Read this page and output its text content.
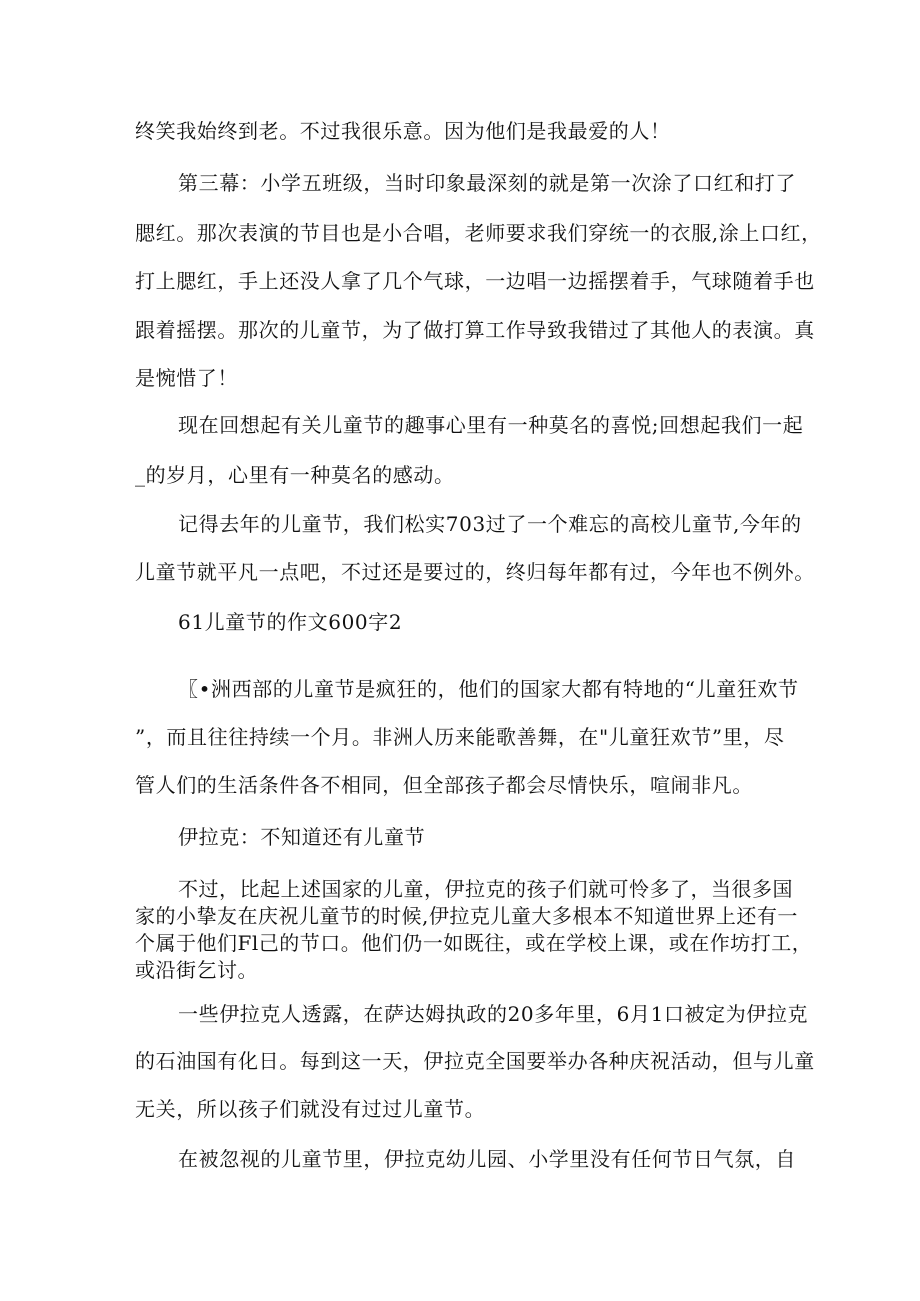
终笑我始终到老。不过我很乐意。因为他们是我最爱的人！

第三幕：小学五班级，当时印象最深刻的就是第一次涂了口红和打了

腮红。那次表演的节目也是小合唱，老师要求我们穿统一的衣服,涂上口红，

打上腮红，手上还没人拿了几个气球，一边唱一边摇摆着手，气球随着手也

跟着摇摆。那次的儿童节，为了做打算工作导致我错过了其他人的表演。真

是惋惜了！

现在回想起有关儿童节的趣事心里有一种莫名的喜悦;回想起我们一起

_的岁月，心里有一种莫名的感动。

记得去年的儿童节，我们松实703过了一个难忘的高校儿童节,今年的

儿童节就平凡一点吧，不过还是要过的，终归每年都有过，今年也不例外。

61儿童节的作文600字2

〖•洲西部的儿童节是疯狂的，他们的国家大都有特地的“儿童狂欢节

”，而且往往持续一个月。非洲人历来能歌善舞，在"儿童狂欢节”里，尽

管人们的生活条件各不相同，但全部孩子都会尽情快乐，喧闹非凡。

伊拉克：不知道还有儿童节

不过，比起上述国家的儿童，伊拉克的孩子们就可怜多了，当很多国

家的小挚友在庆祝儿童节的时候,伊拉克儿童大多根本不知道世界上还有一

个属于他们Fl己的节口。他们仍一如既往，或在学校上课，或在作坊打工，

或沿街乞讨。

一些伊拉克人透露，在萨达姆执政的20多年里，6月1口被定为伊拉克

的石油国有化日。每到这一天，伊拉克全国要举办各种庆祝活动，但与儿童

无关，所以孩子们就没有过过儿童节。

在被忽视的儿童节里，伊拉克幼儿园、小学里没有任何节日气氛，自
